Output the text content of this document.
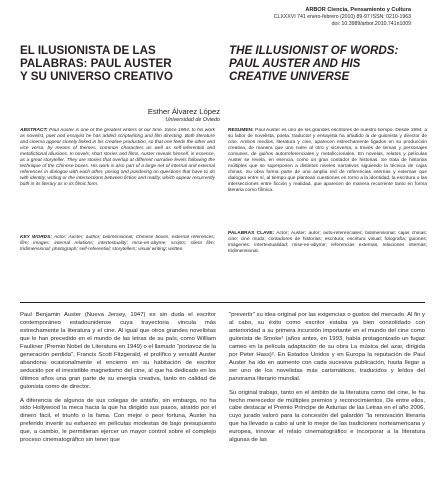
ARBOR Ciencia, Pensamiento y Cultura
CLXXXVI 741 enero-febrero (2010) 89-97 ISSN: 0210-1963
doi: 10.3989/arbor.2010.741n1009
EL ILUSIONISTA DE LAS
PALABRAS: PAUL AUSTER
Y SU UNIVERSO CREATIVO
THE ILLUSIONIST OF WORDS:
PAUL AUSTER AND HIS
CREATIVE UNIVERSE
Esther Álvarez López
Universidad de Oviedo

ABSTRACT: Paul Auster is one of the greatest writers of our time. Since 1984, to his work as novelist, poet and essayist he has added scriptwriting and film directing. Both literature and cinema appear closely linked in his creative production, so that one feeds the other and vice versa, by means of themes, common characters as well as self-referential and metafictional allusions. In novels, short stories and films, Auster reveals himself, in essence, as a great storyteller. They are stories that overlap at different narrative levels following the technique of the Chinese boxes. His work is also part of a large net of internal and external references in dialogue with each other, posing and pondering on questions that have to do with identity, writing or the intersections between fiction and reality, which appear recurrently both in its literary as in its filmic form.

RESUMEN: Paul Auster es uno de los grandes escritores de nuestro tiempo. Desde 1994, a su labor de novelista, poeta, traductor y ensayista ha añadido la de guionista y director de cine. Ambos medios, literatura y cine, aparecen estrechamente ligados en su producción creativa, de manera que uno nutre al otro y viceversa, a través de temas y personajes comunes, de guiños autorreferenciales y metaficcionales. En novelas, relatos y películas Auster se revela, en esencia, como un gran contador de historias. Se trata de historias múltiples que se superponen a distintos niveles narrativos siguiendo la técnica de cajas chinas. Su obra forma parte de una amplia red de referencias internas y externas que dialogan entre sí, al tiempo que plantean cuestiones en torno a la identidad, la escritura o las intersecciones entre ficción y realidad, que aparecen de manera recurrente tanto en forma literaria como fílmica.

KEY WORDS: Actor; Auster; author; bidimensional; Chinese boxes; external references; film; images; internal relations; intertextuality; mise-en-abyme; scripts; silent film; tridimensional; photograph; self-referential; storytellers; visual writing; written.

PALABRAS CLAVE: Actor; Auster; autor; auto-referenciales; bidimensional; cajas chinas; cine; cine mudo; contadores de historias; escritura; escritura visual; fotografía; guiones; imágenes; intertextualidad; mise-en-abyme; referencias externas, relaciones internas; tridimensional.

Paul Benjamin Auster (Nueva Jersey, 1947) es sin duda el escritor contemporáneo estadounidense cuya trayectoria vincula más estrechamente la literatura y el cine. Al igual que otros grandes novelistas que le han precedido en el mundo de las letras de su país, como William Faulkner (Premio Nobel de Literatura en 1949) o el llamado "portavoz de la generación perdida", Francis Scott Fitzgerald, el prolífico y versátil Auster abandona ocasionalmente el encierro en su habitación de escritor seducido por el irresistible magnetismo del cine, al que ha dedicado en los últimos años una gran parte de su energía creativa, tanto en calidad de guionista como de director.

A diferencia de algunos de sus colegas de antaño, sin embargo, no ha sido Hollywood la meca hacia la que ha dirigido sus pasos, atraído por el dinero fácil, el triunfo o la fama. Con mejor o peor fortuna, Auster ha preferido invertir su esfuerzo en películas modestas de bajo presupuesto que, a cambio, le permitieran ejercer un mayor control sobre el complejo proceso cinematográfico sin tener que

"prevertir" su idea original por las exigencias o gustos del mercado. Al fin y al cabo, su éxito como escritor estaba ya bien consolidado con anterioridad a su primera incursión importante en el mundo del cine como guionista de Smoke¹ (años antes, en 1993, había protagonizado un fugaz cameo en la película adaptación de su obra La música del azar, dirigida por Peter Hass)². En Estados Unidos y en Europa la reputación de Paul Auster ha ido en aumento con cada sucesiva publicación, hasta llegar a ser uno de los novelistas más carismáticos, traducidos y leídos del panorama literario mundial.

Su original trabajo, tanto en el ámbito de la literatura como del cine, le ha hecho merecedor de múltiples premios y reconocimientos. De entre ellos, cabe destacar el Premio Príncipe de Asturias de las Letras en el año 2006, cuyo jurado valoró para la concesión del galardón "la renovación literaria que ha llevado a cabo al unir lo mejor de las tradiciones norteamericana y europea, innovar el relato cinematográfico e incorporar a la literatura algunas de las
